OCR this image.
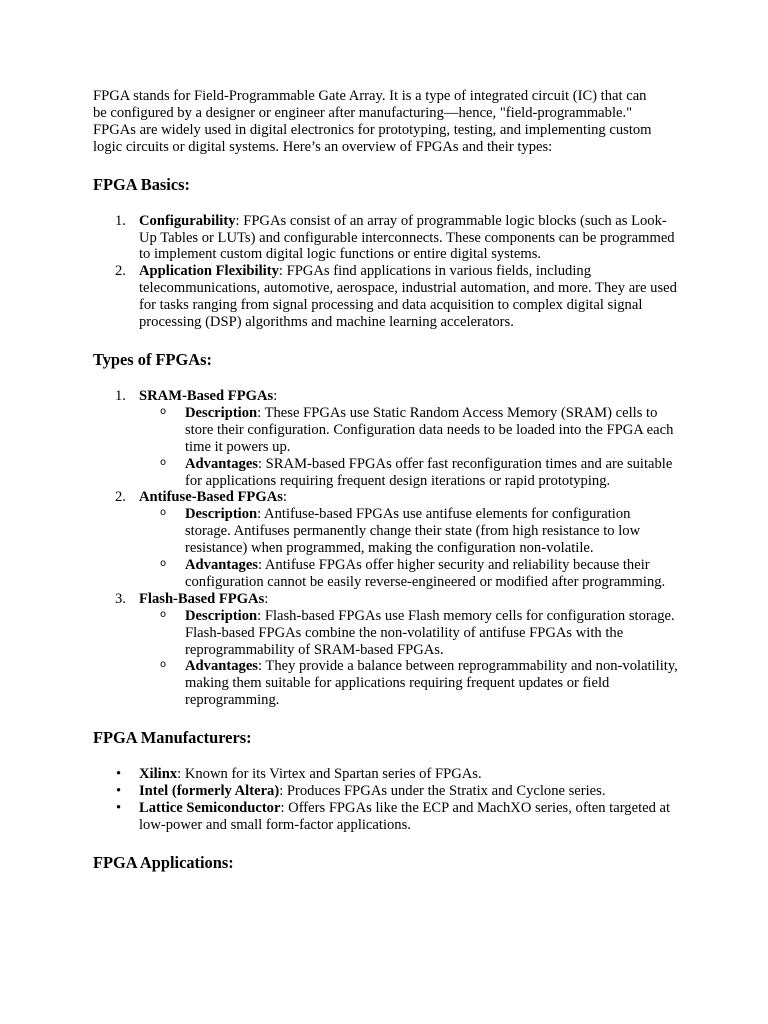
FPGA stands for Field-Programmable Gate Array. It is a type of integrated circuit (IC) that can be configured by a designer or engineer after manufacturing—hence, "field-programmable." FPGAs are widely used in digital electronics for prototyping, testing, and implementing custom logic circuits or digital systems. Here’s an overview of FPGAs and their types:

FPGA Basics:
1. Configurability: FPGAs consist of an array of programmable logic blocks (such as Look-Up Tables or LUTs) and configurable interconnects. These components can be programmed to implement custom digital logic functions or entire digital systems.
2. Application Flexibility: FPGAs find applications in various fields, including telecommunications, automotive, aerospace, industrial automation, and more. They are used for tasks ranging from signal processing and data acquisition to complex digital signal processing (DSP) algorithms and machine learning accelerators.
Types of FPGAs:
1. SRAM-Based FPGAs:
o Description: These FPGAs use Static Random Access Memory (SRAM) cells to store their configuration. Configuration data needs to be loaded into the FPGA each time it powers up.
o Advantages: SRAM-based FPGAs offer fast reconfiguration times and are suitable for applications requiring frequent design iterations or rapid prototyping.
2. Antifuse-Based FPGAs:
o Description: Antifuse-based FPGAs use antifuse elements for configuration storage. Antifuses permanently change their state (from high resistance to low resistance) when programmed, making the configuration non-volatile.
o Advantages: Antifuse FPGAs offer higher security and reliability because their configuration cannot be easily reverse-engineered or modified after programming.
3. Flash-Based FPGAs:
o Description: Flash-based FPGAs use Flash memory cells for configuration storage. Flash-based FPGAs combine the non-volatility of antifuse FPGAs with the reprogrammability of SRAM-based FPGAs.
o Advantages: They provide a balance between reprogrammability and non-volatility, making them suitable for applications requiring frequent updates or field reprogramming.
FPGA Manufacturers:
• Xilinx: Known for its Virtex and Spartan series of FPGAs.
• Intel (formerly Altera): Produces FPGAs under the Stratix and Cyclone series.
• Lattice Semiconductor: Offers FPGAs like the ECP and MachXO series, often targeted at low-power and small form-factor applications.
FPGA Applications:
